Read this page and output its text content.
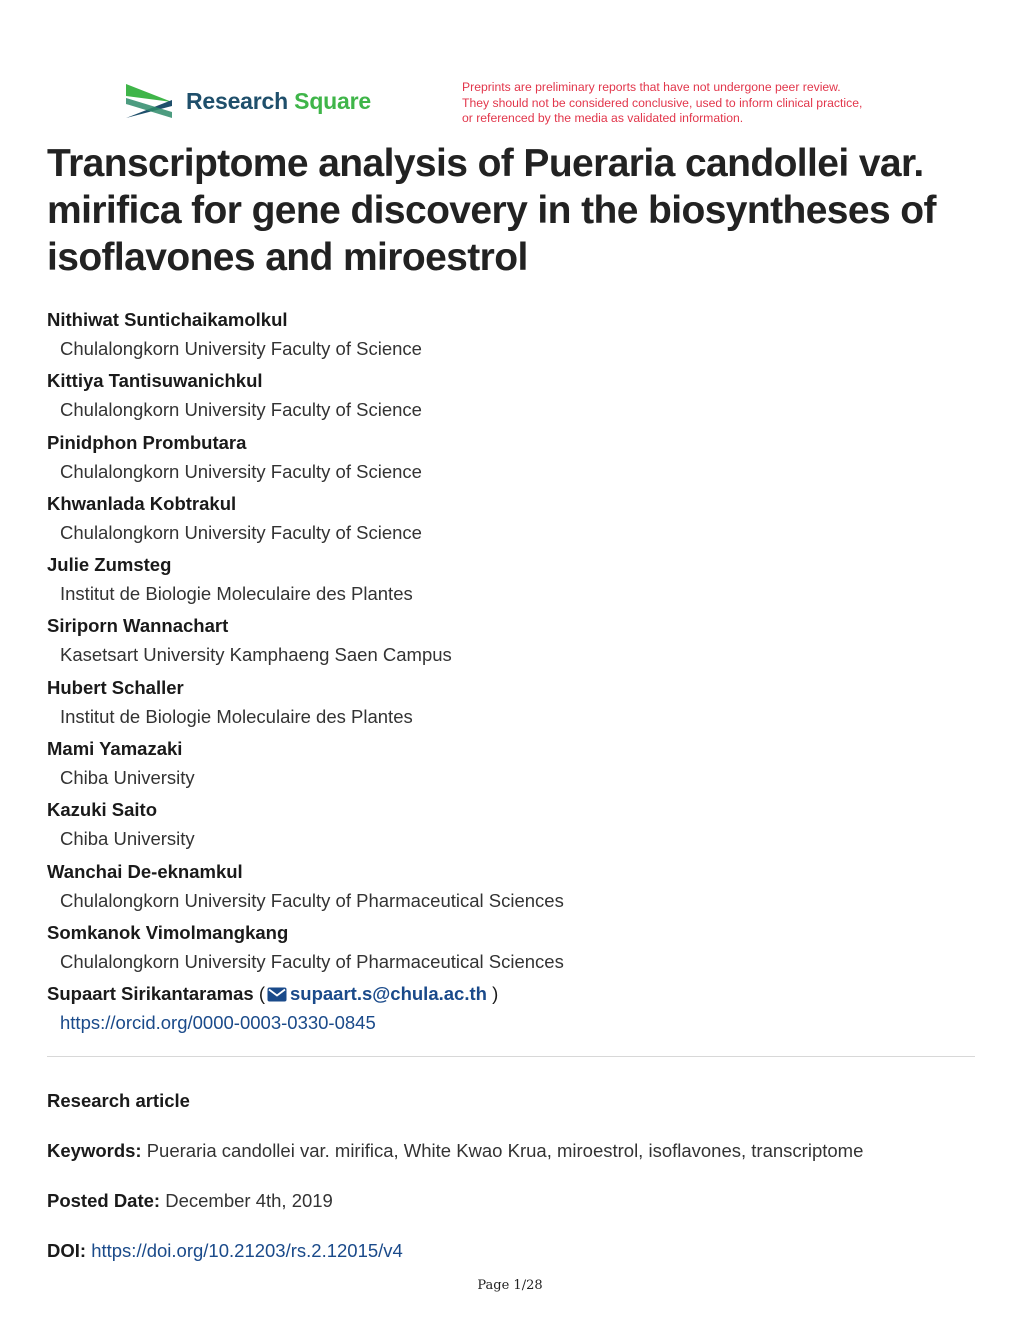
Research Square
Preprints are preliminary reports that have not undergone peer review.
They should not be considered conclusive, used to inform clinical practice,
or referenced by the media as validated information.
Transcriptome analysis of Pueraria candollei var. mirifica for gene discovery in the biosyntheses of isoflavones and miroestrol
Nithiwat Suntichaikamolkul
Chulalongkorn University Faculty of Science
Kittiya Tantisuwanichkul
Chulalongkorn University Faculty of Science
Pinidphon Prombutara
Chulalongkorn University Faculty of Science
Khwanlada Kobtrakul
Chulalongkorn University Faculty of Science
Julie Zumsteg
Institut de Biologie Moleculaire des Plantes
Siriporn Wannachart
Kasetsart University Kamphaeng Saen Campus
Hubert Schaller
Institut de Biologie Moleculaire des Plantes
Mami Yamazaki
Chiba University
Kazuki Saito
Chiba University
Wanchai De-eknamkul
Chulalongkorn University Faculty of Pharmaceutical Sciences
Somkanok Vimolmangkang
Chulalongkorn University Faculty of Pharmaceutical Sciences
Supaart Sirikantaramas ( supaart.s@chula.ac.th )
https://orcid.org/0000-0003-0330-0845
Research article
Keywords: Pueraria candollei var. mirifica, White Kwao Krua, miroestrol, isoflavones, transcriptome
Posted Date: December 4th, 2019
DOI: https://doi.org/10.21203/rs.2.12015/v4
Page 1/28
